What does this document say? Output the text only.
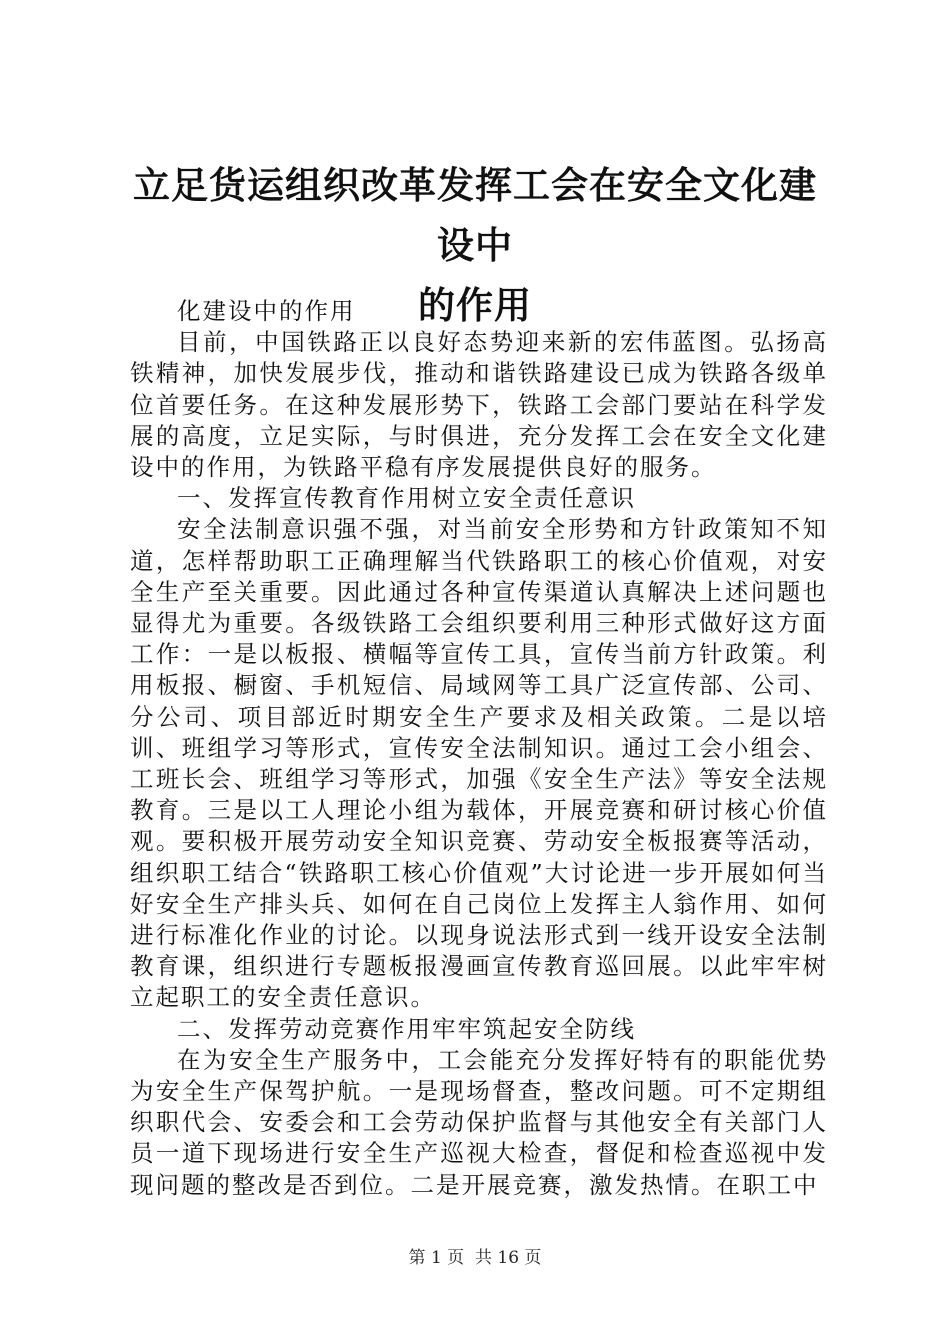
立足货运组织改革发挥工会在安全文化建设中
的作用

化建设中的作用

目前，中国铁路正以良好态势迎来新的宏伟蓝图。弘扬高铁精神，加快发展步伐，推动和谐铁路建设已成为铁路各级单位首要任务。在这种发展形势下，铁路工会部门要站在科学发展的高度，立足实际，与时俱进，充分发挥工会在安全文化建设中的作用，为铁路平稳有序发展提供良好的服务。

一、发挥宣传教育作用树立安全责任意识

安全法制意识强不强，对当前安全形势和方针政策知不知道，怎样帮助职工正确理解当代铁路职工的核心价值观，对安全生产至关重要。因此通过各种宣传渠道认真解决上述问题也显得尤为重要。各级铁路工会组织要利用三种形式做好这方面工作：一是以板报、横幅等宣传工具，宣传当前方针政策。利用板报、橱窗、手机短信、局域网等工具广泛宣传部、公司、分公司、项目部近时期安全生产要求及相关政策。二是以培训、班组学习等形式，宣传安全法制知识。通过工会小组会、工班长会、班组学习等形式，加强《安全生产法》等安全法规教育。三是以工人理论小组为载体，开展竞赛和研讨核心价值观。要积极开展劳动安全知识竞赛、劳动安全板报赛等活动，组织职工结合“铁路职工核心价值观”大讨论进一步开展如何当好安全生产排头兵、如何在自己岗位上发挥主人翁作用、如何进行标准化作业的讨论。以现身说法形式到一线开设安全法制教育课，组织进行专题板报漫画宣传教育巡回展。以此牢牢树立起职工的安全责任意识。

二、发挥劳动竞赛作用牢牢筑起安全防线

在为安全生产服务中，工会能充分发挥好特有的职能优势为安全生产保驾护航。一是现场督查，整改问题。可不定期组织职代会、安委会和工会劳动保护监督与其他安全有关部门人员一道下现场进行安全生产巡视大检查，督促和检查巡视中发现问题的整改是否到位。二是开展竞赛，激发热情。在职工中

第 1 页 共 16 页
